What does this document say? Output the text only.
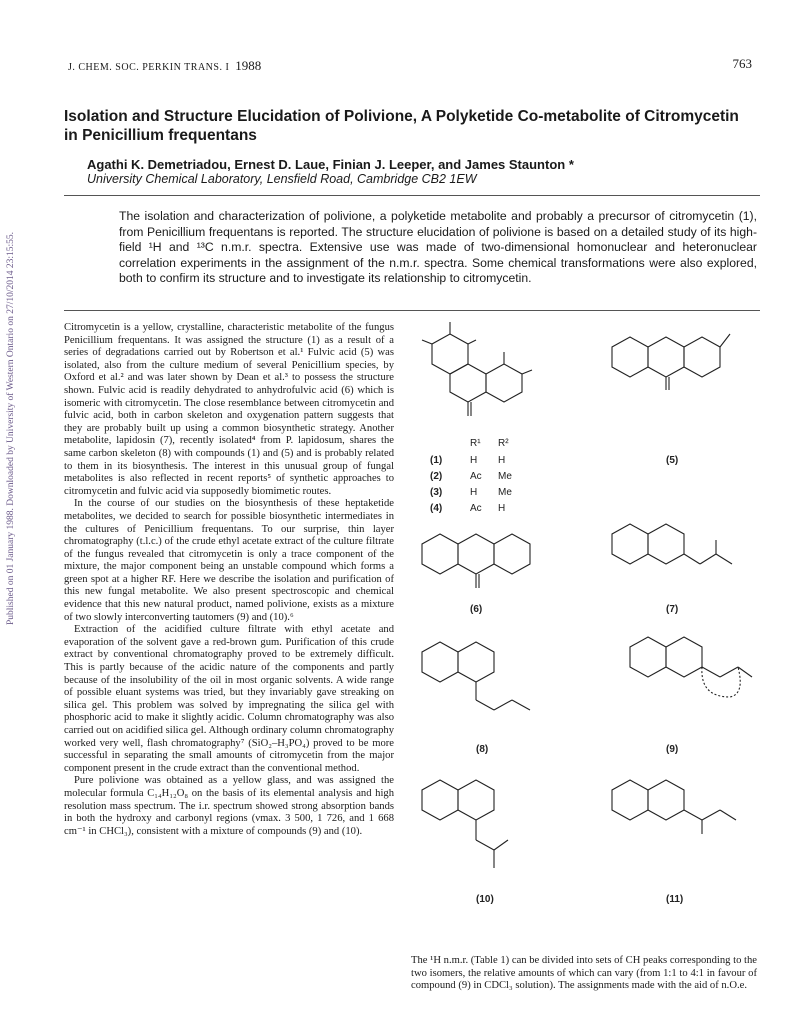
J. CHEM. SOC. PERKIN TRANS. I 1988	763
Isolation and Structure Elucidation of Polivione, A Polyketide Co-metabolite of Citromycetin in Penicillium frequentans
Agathi K. Demetriadou, Ernest D. Laue, Finian J. Leeper, and James Staunton *
University Chemical Laboratory, Lensfield Road, Cambridge CB2 1EW
The isolation and characterization of polivione, a polyketide metabolite and probably a precursor of citromycetin (1), from Penicillium frequentans is reported. The structure elucidation of polivione is based on a detailed study of its high-field ¹H and ¹³C n.m.r. spectra. Extensive use was made of two-dimensional homonuclear and heteronuclear correlation experiments in the assignment of the n.m.r. spectra. Some chemical transformations were also explored, both to confirm its structure and to investigate its relationship to citromycetin.
Published on 01 January 1988. Downloaded by University of Western Ontario on 27/10/2014 23:15:55.	Citromycetin is a yellow, crystalline, characteristic metabolite of the fungus Penicillium frequentans. It was assigned the structure (1) as a result of a series of degradations carried out by Robertson et al.¹ Fulvic acid (5) was isolated, also from the culture medium of several Penicillium species, by Oxford et al.² and was later shown by Dean et al.³ to possess the structure shown. Fulvic acid is readily dehydrated to anhydrofulvic acid (6) which is isomeric with citromycetin. The close resemblance between citromycetin and fulvic acid, both in carbon skeleton and oxygenation pattern suggests that they are probably built up using a common biosynthetic strategy. Another metabolite, lapidosin (7), recently isolated⁴ from P. lapidosum, shares the same carbon skeleton (8) with compounds (1) and (5) and is probably related to them in its biosynthesis. The interest in this unusual group of fungal metabolites is also reflected in recent reports⁵ of synthetic approaches to citromycetin and fulvic acid via supposedly biomimetic routes.

In the course of our studies on the biosynthesis of these heptaketide metabolites, we decided to search for possible biosynthetic intermediates in the cultures of Penicillium frequentans. To our surprise, thin layer chromatography (t.l.c.) of the crude ethyl acetate extract of the culture filtrate of the fungus revealed that citromycetin is only a trace component of the mixture, the major component being an unstable compound which forms a green spot at a higher RF. Here we describe the isolation and purification of this new fungal metabolite. We also present spectroscopic and chemical evidence that this new natural product, named polivione, exists as a mixture of two slowly interconverting tautomers (9) and (10).⁶

Extraction of the acidified culture filtrate with ethyl acetate and evaporation of the solvent gave a red-brown gum. Purification of this crude extract by conventional chromatography proved to be extremely difficult. This is partly because of the acidic nature of the components and partly because of the insolubility of the oil in most organic solvents. A wide range of possible eluant systems was tried, but they invariably gave streaking on silica gel. This problem was solved by impregnating the silica gel with phosphoric acid to make it slightly acidic. Column chromatography was also carried out on acidified silica gel. Although ordinary column chromatography worked very well, flash chromatography⁷ (SiO₂–H₃PO₄) proved to be more successful in separating the small amounts of citromycetin from the major component present in the crude extract than the conventional method.

Pure polivione was obtained as a yellow glass, and was assigned the molecular formula C₁₄H₁₂O₈ on the basis of its elemental analysis and high resolution mass spectrum. The i.r. spectrum showed strong absorption bands in both the hydroxy and carbonyl regions (νmax. 3 500, 1 726, and 1 668 cm⁻¹ in CHCl₃), consistent with a mixture of compounds (9) and (10).

The ¹H n.m.r. (Table 1) can be divided into sets of CH peaks corresponding to the two isomers, the relative amounts of which can vary (from 1:1 to 4:1 in favour of compound (9) in CDCl₃ solution). The assignments made with the aid of n.O.e.
R¹ R²
(1)	H H
(2)	Ac Me
(3)	H Me
(4)	Ac H
(5)
(6)	(7)
(8)	(9)
(10)	(11)
